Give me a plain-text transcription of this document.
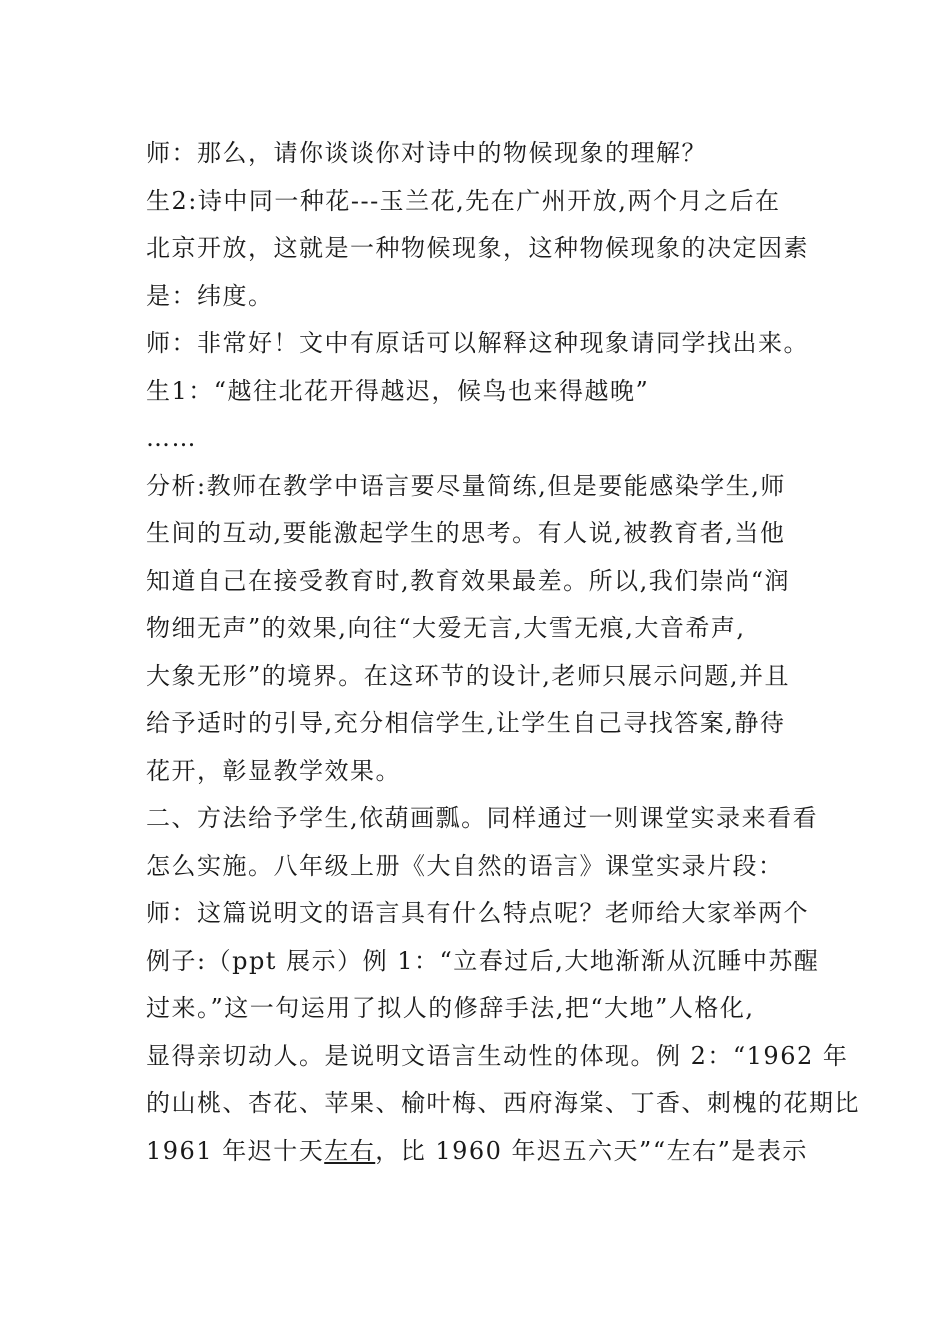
师：那么，请你谈谈你对诗中的物候现象的理解？
生2:诗中同一种花---玉兰花,先在广州开放,两个月之后在
北京开放，这就是一种物候现象，这种物候现象的决定因素
是：纬度。
师：非常好！文中有原话可以解释这种现象请同学找出来。
生1：“越往北花开得越迟，候鸟也来得越晚”
……
分析:教师在教学中语言要尽量简练,但是要能感染学生,师
生间的互动,要能激起学生的思考。有人说,被教育者,当他
知道自己在接受教育时,教育效果最差。所以,我们崇尚“润
物细无声”的效果,向往“大爱无言,大雪无痕,大音希声,
大象无形”的境界。在这环节的设计,老师只展示问题,并且
给予适时的引导,充分相信学生,让学生自己寻找答案,静待
花开，彰显教学效果。
二、方法给予学生,依葫画瓢。同样通过一则课堂实录来看看
怎么实施。八年级上册《大自然的语言》课堂实录片段：
师：这篇说明文的语言具有什么特点呢？老师给大家举两个
例子:（ppt 展示）例 1：“立春过后,大地渐渐从沉睡中苏醒
过来。”这一句运用了拟人的修辞手法,把“大地”人格化,
显得亲切动人。是说明文语言生动性的体现。例 2：“1962 年
的山桃、杏花、苹果、榆叶梅、西府海棠、丁香、刺槐的花期比
1961 年迟十天左右，比 1960 年迟五六天”“左右”是表示
